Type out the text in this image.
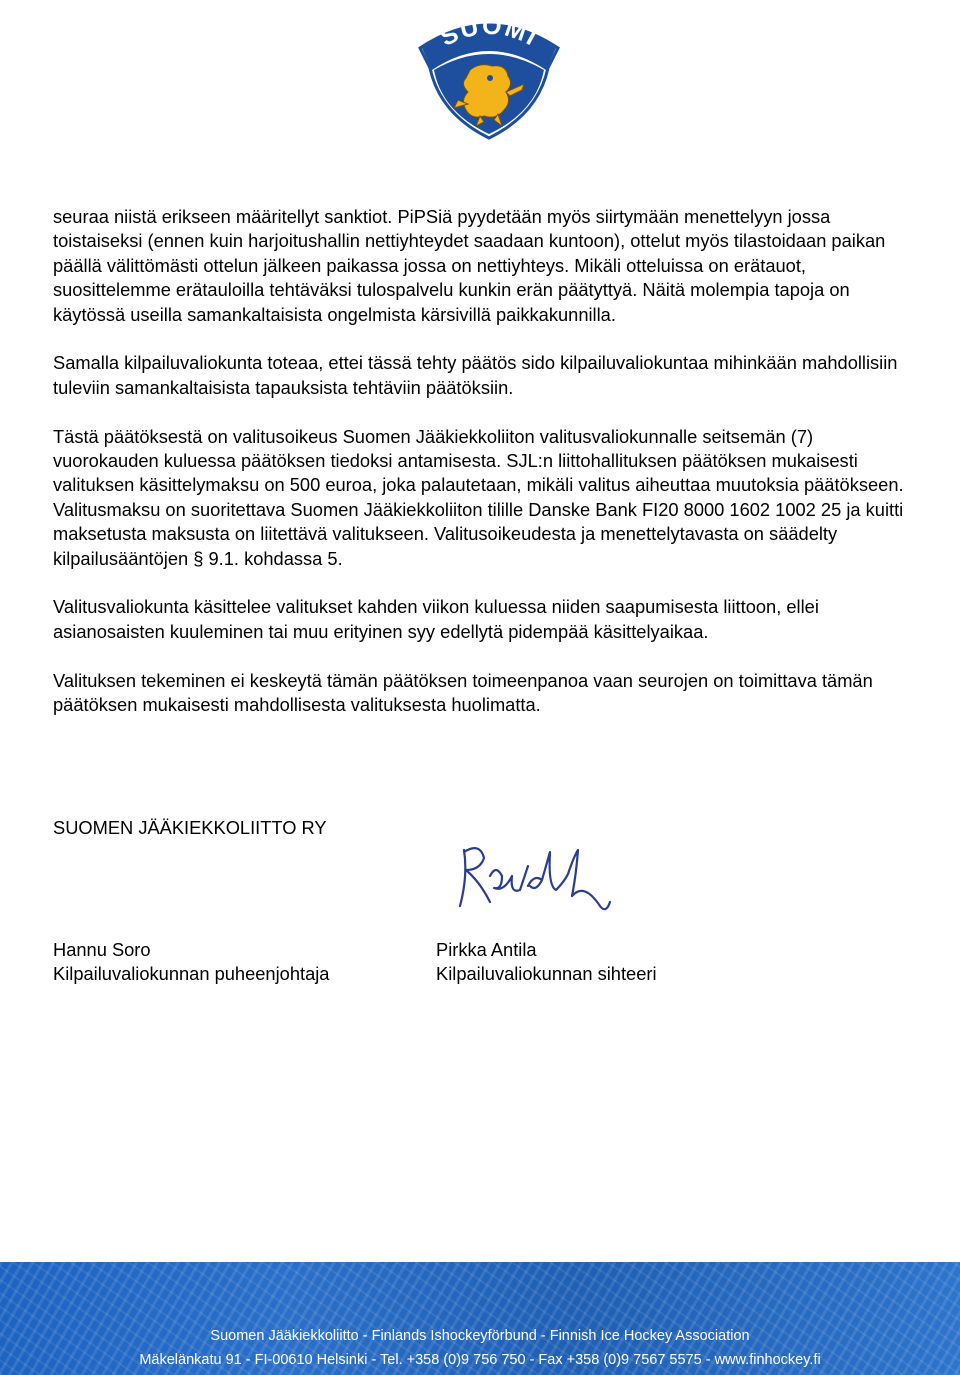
SUOMI

seuraa niistä erikseen määritellyt sanktiot. PiPSiä pyydetään myös siirtymään menettelyyn jossa toistaiseksi (ennen kuin harjoitushallin nettiyhteydet saadaan kuntoon), ottelut myös tilastoidaan paikan päällä välittömästi ottelun jälkeen paikassa jossa on nettiyhteys. Mikäli otteluissa on erätauot, suosittelemme erätauloilla tehtäväksi tulospalvelu kunkin erän päätyttyä. Näitä molempia tapoja on käytössä useilla samankaltaisista ongelmista kärsivillä paikkakunnilla.

Samalla kilpailuvaliokunta toteaa, ettei tässä tehty päätös sido kilpailuvaliokuntaa mihinkään mahdollisiin tuleviin samankaltaisista tapauksista tehtäviin päätöksiin.

Tästä päätöksestä on valitusoikeus Suomen Jääkiekkoliiton valitusvaliokunnalle seitsemän (7) vuorokauden kuluessa päätöksen tiedoksi antamisesta. SJL:n liittohallituksen päätöksen mukaisesti valituksen käsittelymaksu on 500 euroa, joka palautetaan, mikäli valitus aiheuttaa muutoksia päätökseen. Valitusmaksu on suoritettava Suomen Jääkiekkoliiton tilille Danske Bank FI20 8000 1602 1002 25 ja kuitti maksetusta maksusta on liitettävä valitukseen. Valitusoikeudesta ja menettelytavasta on säädelty kilpailusääntöjen § 9.1. kohdassa 5.

Valitusvaliokunta käsittelee valitukset kahden viikon kuluessa niiden saapumisesta liittoon, ellei asianosaisten kuuleminen tai muu erityinen syy edellytä pidempää käsittelyaikaa.

Valituksen tekeminen ei keskeytä tämän päätöksen toimeenpanoa vaan seurojen on toimittava tämän päätöksen mukaisesti mahdollisesta valituksesta huolimatta.

SUOMEN JÄÄKIEKKOLIITTO RY
Hannu Soro
Kilpailuvaliokunnan puheenjohtaja
Pirkka Antila
Kilpailuvaliokunnan sihteeri
Suomen Jääkiekkoliitto - Finlands Ishockeyförbund - Finnish Ice Hockey Association
Mäkelänkatu 91 - FI-00610 Helsinki - Tel. +358 (0)9 756 750 - Fax +358 (0)9 7567 5575 - www.finhockey.fi
